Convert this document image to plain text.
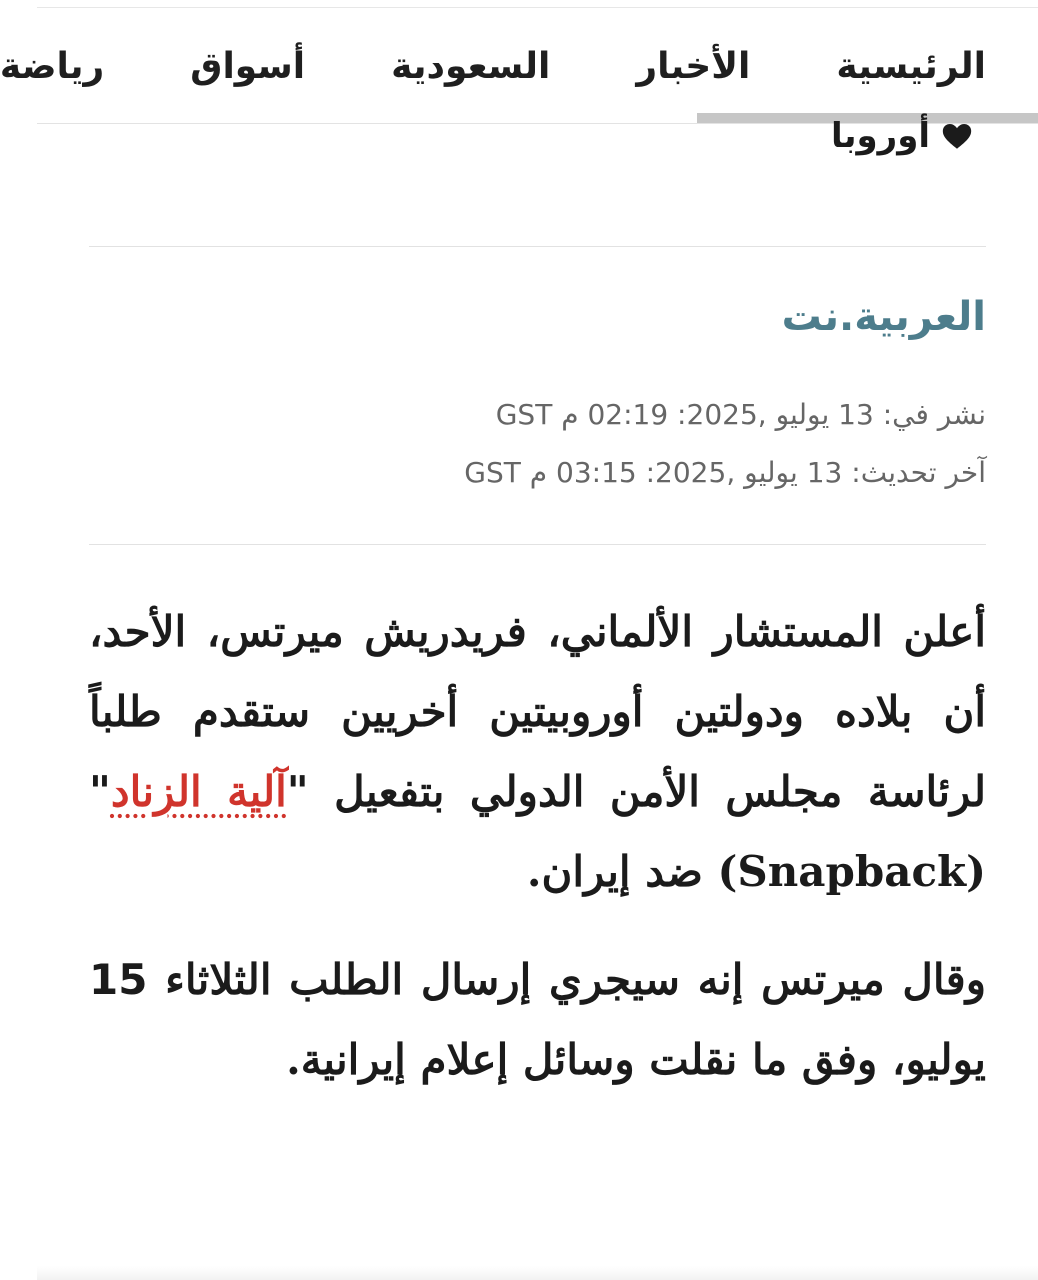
الرئيسية
الأخبار
السعودية
أسواق
رياضة
أوروبا
العربية.نت
نشر في: 13 يوليو ,2025: 02:19 م GST
آخر تحديث: 13 يوليو ,2025: 03:15 م GST

أعلن المستشار الألماني، فريدريش ميرتس، الأحد، أن بلاده ودولتين أوروبيتين أخريين ستقدم طلباً لرئاسة مجلس الأمن الدولي بتفعيل "آلية الزناد" (Snapback) ضد إيران.

وقال ميرتس إنه سيجري إرسال الطلب الثلاثاء 15 يوليو، وفق ما نقلت وسائل إعلام إيرانية.
